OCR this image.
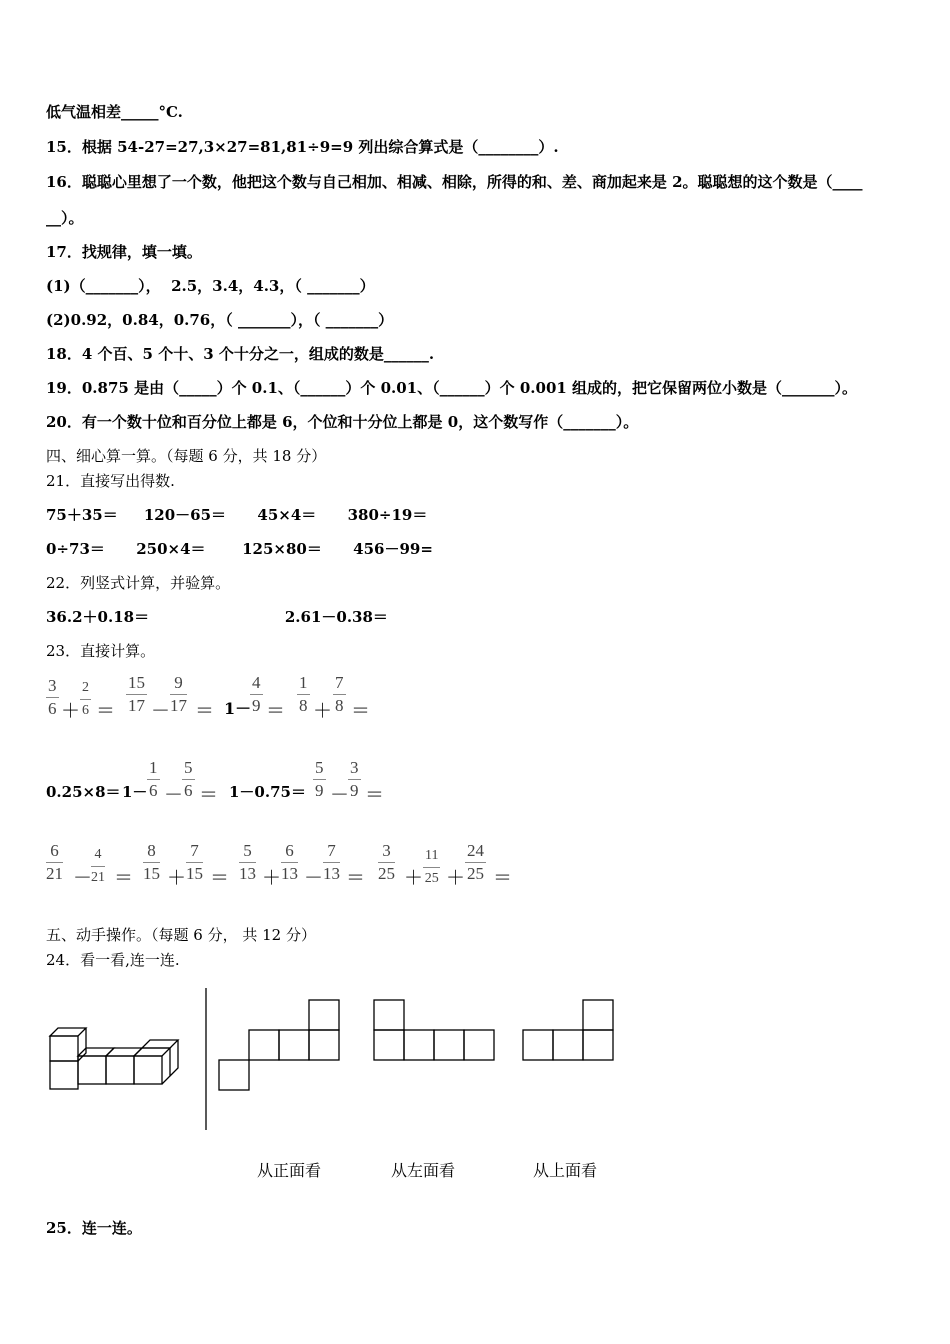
低气温相差_____°C.
15．根据 54-27=27,3×27=81,81÷9=9 列出综合算式是（________）.
16．聪聪心里想了一个数，他把这个数与自己相加、相减、相除，所得的和、差、商加起来是 2。聪聪想的这个数是（____
__）。
17．找规律，填一填。
(1)（_______），  2.5，3.4，4.3，（ _______）
(2)0.92，0.84，0.76，（ _______），（ _______）
18．4 个百、5 个十、3 个十分之一，组成的数是______.
19．0.875 是由（_____）个 0.1、（______）个 0.01、（______）个 0.001 组成的，把它保留两位小数是（_______）。
20．有一个数十位和百分位上都是 6，个位和十分位上都是 0，这个数写作（_______）。
四、细心算一算。（每题 6 分，共 18 分）
21．直接写出得数.
75＋35＝     120－65＝      45×4＝      380÷19＝
0÷73＝      250×4＝       125×80＝      456－99=
22．列竖式计算，并验算。
36.2＋0.18＝                          2.61－0.38＝
23．直接计算。
$\frac{3}{6} + \frac{2}{6} = \frac{15}{17} - \frac{9}{17} = 1-$
$\frac{4}{9} = \frac{1}{8} + \frac{7}{8}$ ＝
$0.25\times 8= 1- \frac{1}{6}$ －
$\frac{5}{6} = 1-0.75= \frac{5}{9}$ －
$\frac{3}{9}$ ＝
$\frac{6}{21}$ －
$\frac{4}{21} = \frac{8}{15} + \frac{7}{15} = \frac{5}{13} + \frac{6}{13} - \frac{7}{13} = \frac{3}{25} + \frac{11}{25} + \frac{24}{25}$ ＝
五、动手操作。（每题 6 分， 共 12 分）
24．看一看,连一连.
从正面看	从左面看	从上面看
25．连一连。
